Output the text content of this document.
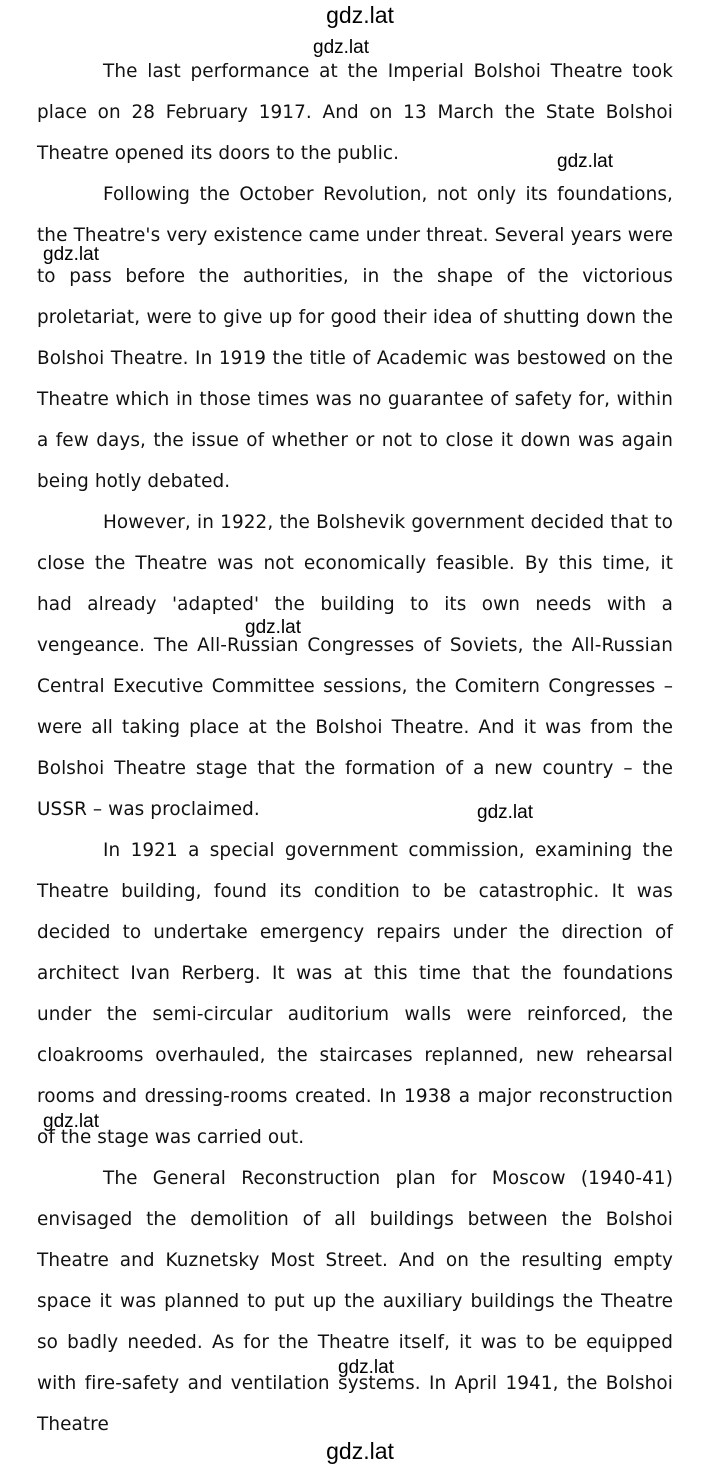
gdz.lat

The last performance at the Imperial Bolshoi Theatre took place on 28 February 1917. And on 13 March the State Bolshoi Theatre opened its doors to the public.

Following the October Revolution, not only its foundations, the Theatre's very existence came under threat. Several years were to pass before the authorities, in the shape of the victorious proletariat, were to give up for good their idea of shutting down the Bolshoi Theatre. In 1919 the title of Academic was bestowed on the Theatre which in those times was no guarantee of safety for, within a few days, the issue of whether or not to close it down was again being hotly debated.

However, in 1922, the Bolshevik government decided that to close the Theatre was not economically feasible. By this time, it had already 'adapted' the building to its own needs with a vengeance. The All-Russian Congresses of Soviets, the All-Russian Central Executive Committee sessions, the Comitern Congresses – were all taking place at the Bolshoi Theatre. And it was from the Bolshoi Theatre stage that the formation of a new country – the USSR – was proclaimed.

In 1921 a special government commission, examining the Theatre building, found its condition to be catastrophic. It was decided to undertake emergency repairs under the direction of architect Ivan Rerberg. It was at this time that the foundations under the semi-circular auditorium walls were reinforced, the cloakrooms overhauled, the staircases replanned, new rehearsal rooms and dressing-rooms created. In 1938 a major reconstruction of the stage was carried out.

The General Reconstruction plan for Moscow (1940-41) envisaged the demolition of all buildings between the Bolshoi Theatre and Kuznetsky Most Street. And on the resulting empty space it was planned to put up the auxiliary buildings the Theatre so badly needed. As for the Theatre itself, it was to be equipped with fire-safety and ventilation systems. In April 1941, the Bolshoi Theatre

gdz.lat
gdz.lat
gdz.lat
gdz.lat
gdz.lat
gdz.lat
gdz.lat
gdz.lat
